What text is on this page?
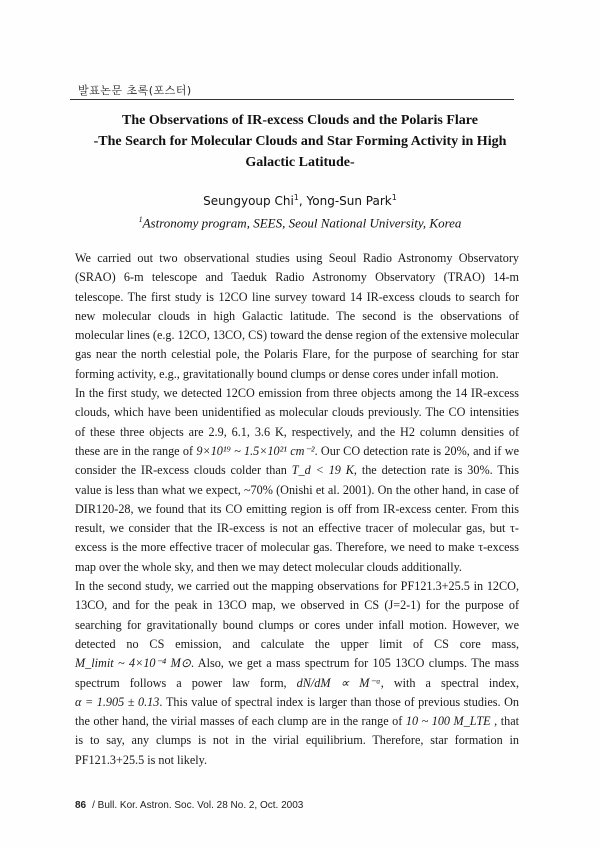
발표논문 초록(포스터)
The Observations of IR-excess Clouds and the Polaris Flare
-The Search for Molecular Clouds and Star Forming Activity in High
Galactic Latitude-
Seungyoup Chi$^1$, Yong-Sun Park$^1$
$^1$Astronomy program, SEES, Seoul National University, Korea

We carried out two observational studies using Seoul Radio Astronomy Observatory (SRAO) 6-m telescope and Taeduk Radio Astronomy Observatory (TRAO) 14-m telescope. The first study is 12CO line survey toward 14 IR-excess clouds to search for new molecular clouds in high Galactic latitude. The second is the observations of molecular lines (e.g. 12CO, 13CO, CS) toward the dense region of the extensive molecular gas near the north celestial pole, the Polaris Flare, for the purpose of searching for star forming activity, e.g., gravitationally bound clumps or dense cores under infall motion.

In the first study, we detected 12CO emission from three objects among the 14 IR-excess clouds, which have been unidentified as molecular clouds previously. The CO intensities of these three objects are 2.9, 6.1, 3.6 K, respectively, and the H2 column densities of these are in the range of 9×10¹⁹ ~ 1.5×10²¹ cm⁻². Our CO detection rate is 20%, and if we consider the IR-excess clouds colder than T_d < 19 K, the detection rate is 30%. This value is less than what we expect, ~70% (Onishi et al. 2001). On the other hand, in case of DIR120-28, we found that its CO emitting region is off from IR-excess center. From this result, we consider that the IR-excess is not an effective tracer of molecular gas, but τ-excess is the more effective tracer of molecular gas. Therefore, we need to make τ-excess map over the whole sky, and then we may detect molecular clouds additionally.

In the second study, we carried out the mapping observations for PF121.3+25.5 in 12CO, 13CO, and for the peak in 13CO map, we observed in CS (J=2-1) for the purpose of searching for gravitationally bound clumps or cores under infall motion. However, we detected no CS emission, and calculate the upper limit of CS core mass, M_limit ~ 4×10⁻⁴ M⊙. Also, we get a mass spectrum for 105 13CO clumps. The mass spectrum follows a power law form, dN/dM ∝ M⁻ᵅ, with a spectral index, α = 1.905 ± 0.13. This value of spectral index is larger than those of previous studies. On the other hand, the virial masses of each clump are in the range of 10 ~ 100 M_LTE , that is to say, any clumps is not in the virial equilibrium. Therefore, star formation in PF121.3+25.5 is not likely.

86 / Bull. Kor. Astron. Soc. Vol. 28 No. 2, Oct. 2003
